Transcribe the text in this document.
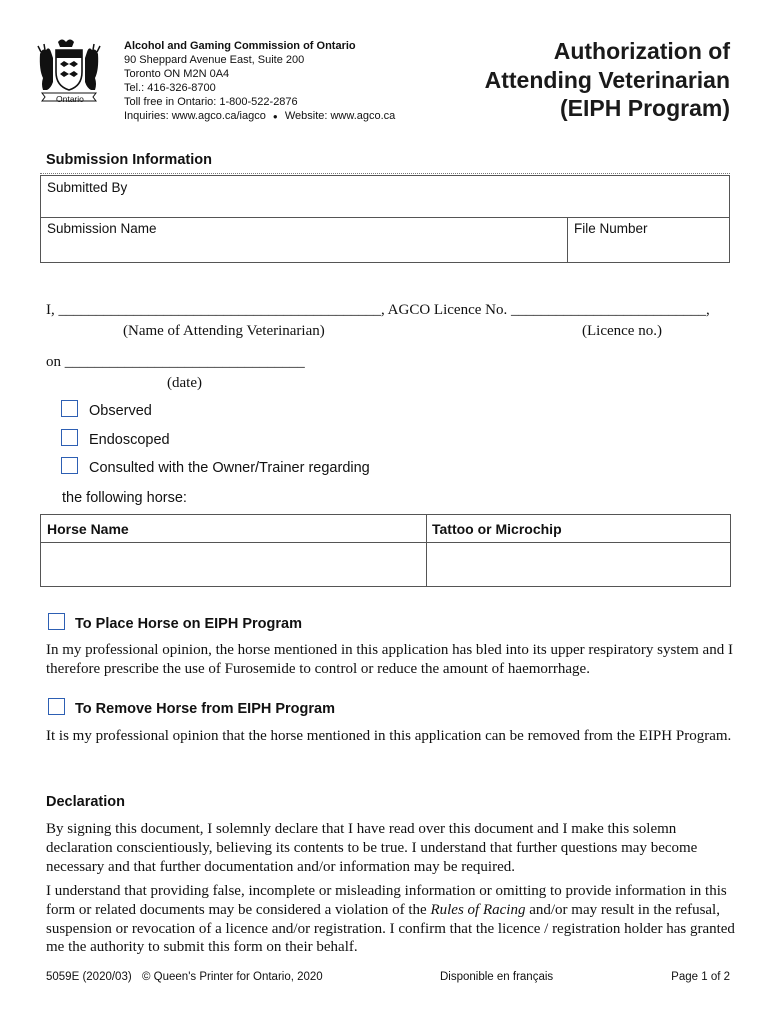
Ontario
Alcohol and Gaming Commission of Ontario
90 Sheppard Avenue East, Suite 200
Toronto ON M2N 0A4
Tel.: 416-326-8700
Toll free in Ontario: 1-800-522-2876
Inquiries: www.agco.ca/iagco ● Website: www.agco.ca
Authorization of
Attending Veterinarian
(EIPH Program)
Submission Information
Submitted By
Submission Name	File Number
I, ___________________________________________, AGCO Licence No. __________________________,
(Name of Attending Veterinarian)	(Licence no.)
on ________________________________
(date)
Observed
Endoscoped
Consulted with the Owner/Trainer regarding
the following horse:
Horse Name	Tattoo or Microchip
To Place Horse on EIPH Program
In my professional opinion, the horse mentioned in this application has bled into its upper respiratory system and I therefore prescribe the use of Furosemide to control or reduce the amount of haemorrhage.
To Remove Horse from EIPH Program
It is my professional opinion that the horse mentioned in this application can be removed from the EIPH Program.
Declaration
By signing this document, I solemnly declare that I have read over this document and I make this solemn declaration conscientiously, believing its contents to be true. I understand that further questions may become necessary and that further documentation and/or information may be required.
I understand that providing false, incomplete or misleading information or omitting to provide information in this form or related documents may be considered a violation of the Rules of Racing and/or may result in the refusal, suspension or revocation of a licence and/or registration. I confirm that the licence / registration holder has granted me the authority to submit this form on their behalf.
5059E (2020/03) © Queen's Printer for Ontario, 2020	Disponible en français	Page 1 of 2
